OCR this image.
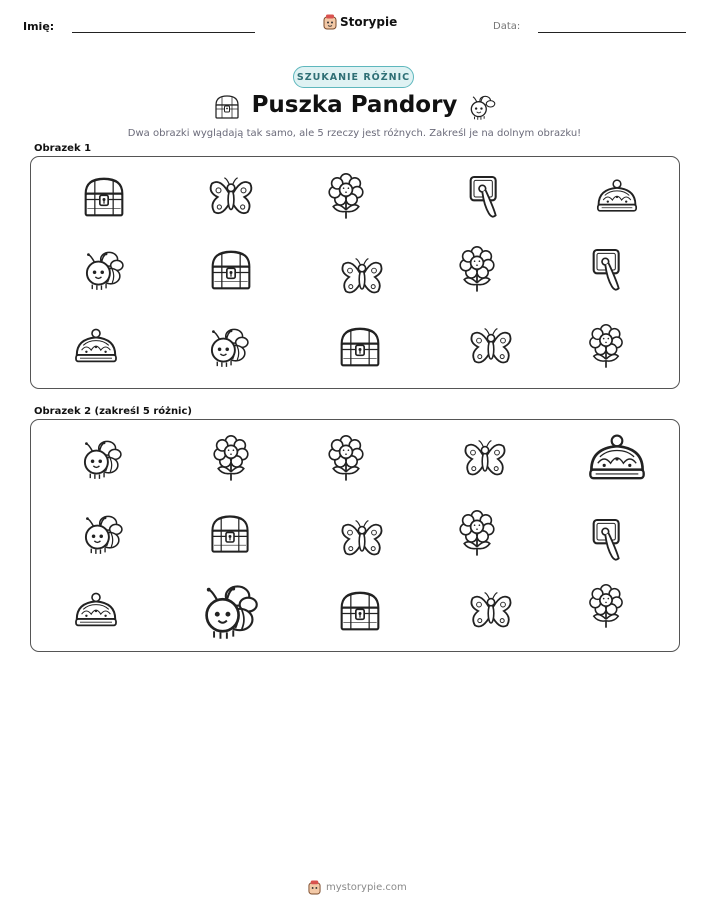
Imię:	Storypie	Data:
SZUKANIE RÓŻNIC
Puszka Pandory
Dwa obrazki wyglądają tak samo, ale 5 rzeczy jest różnych. Zakreśl je na dolnym obrazku!
Obrazek 1
Obrazek 2 (zakreśl 5 różnic)
mystorypie.com
